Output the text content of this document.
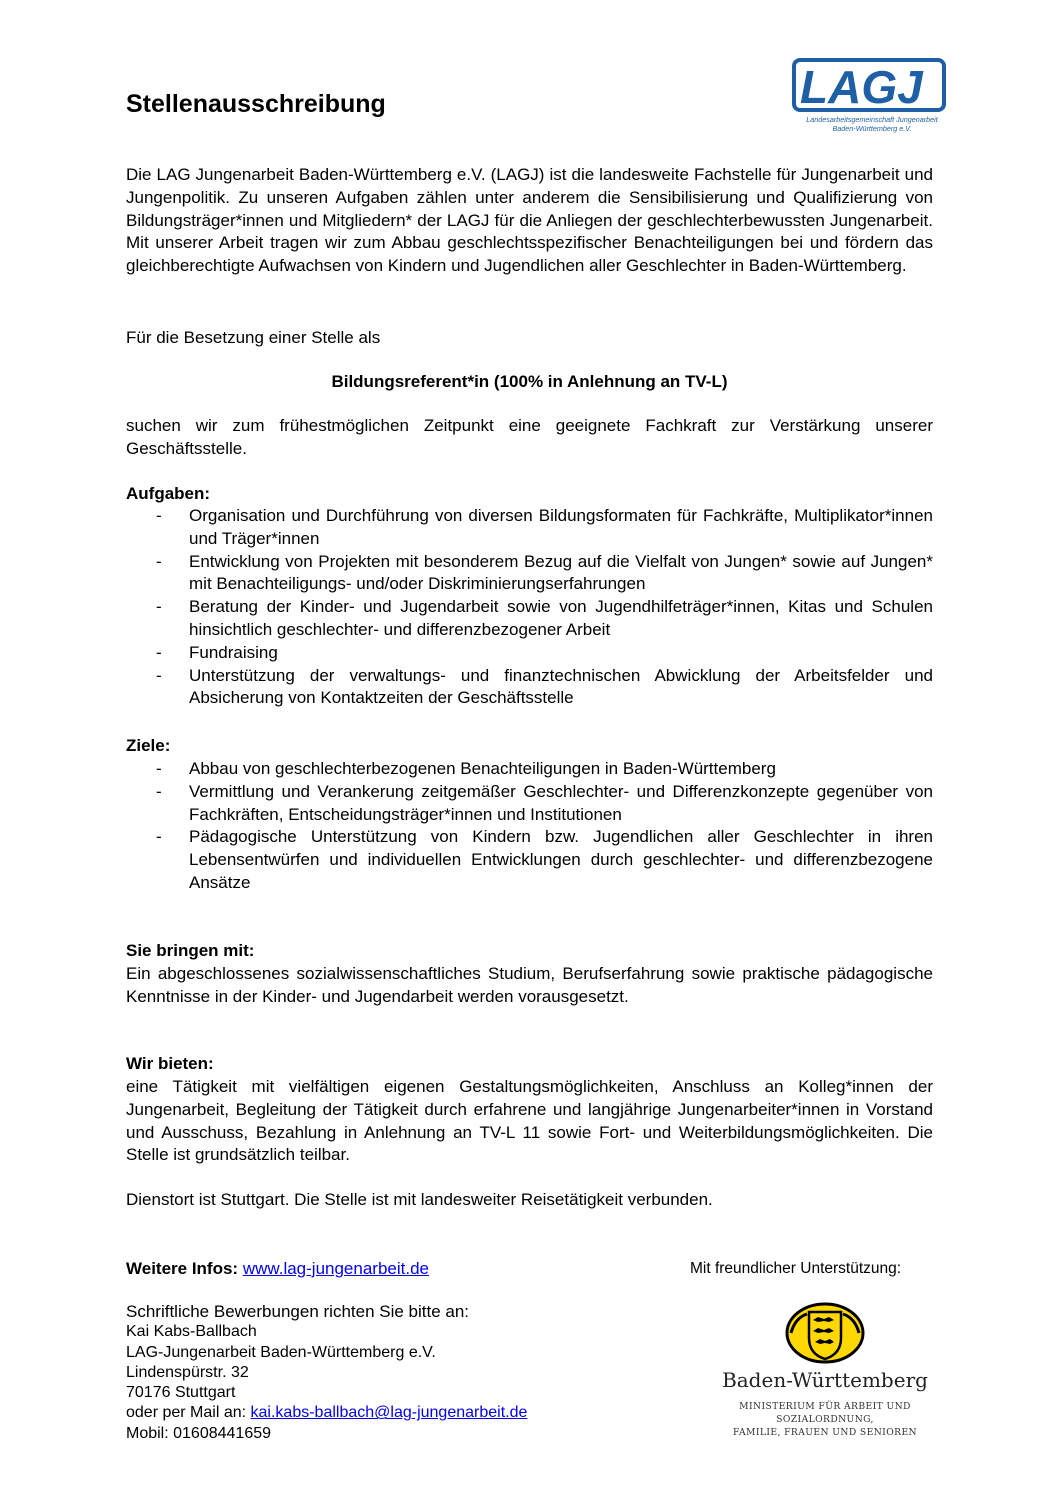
Stellenausschreibung	LAGJ
Landesarbeitsgemeinschaft Jungenarbeit
Baden-Württemberg e.V.

Die LAG Jungenarbeit Baden-Württemberg e.V. (LAGJ) ist die landesweite Fachstelle für Jungenarbeit und Jungenpolitik. Zu unseren Aufgaben zählen unter anderem die Sensibilisierung und Qualifizierung von Bildungsträger*innen und Mitgliedern* der LAGJ für die Anliegen der geschlechterbewussten Jungenarbeit. Mit unserer Arbeit tragen wir zum Abbau geschlechtsspezifischer Benachteiligungen bei und fördern das gleichberechtigte Aufwachsen von Kindern und Jugendlichen aller Geschlechter in Baden-Württemberg.

Für die Besetzung einer Stelle als

Bildungsreferent*in (100% in Anlehnung an TV-L)

suchen wir zum frühestmöglichen Zeitpunkt eine geeignete Fachkraft zur Verstärkung unserer Geschäftsstelle.

Aufgaben:

- Organisation und Durchführung von diversen Bildungsformaten für Fachkräfte, Multiplikator*innen und Träger*innen
- Entwicklung von Projekten mit besonderem Bezug auf die Vielfalt von Jungen* sowie auf Jungen* mit Benachteiligungs- und/oder Diskriminierungserfahrungen
- Beratung der Kinder- und Jugendarbeit sowie von Jugendhilfeträger*innen, Kitas und Schulen hinsichtlich geschlechter- und differenzbezogener Arbeit
- Fundraising
- Unterstützung der verwaltungs- und finanztechnischen Abwicklung der Arbeitsfelder und Absicherung von Kontaktzeiten der Geschäftsstelle

Ziele:

- Abbau von geschlechterbezogenen Benachteiligungen in Baden-Württemberg
- Vermittlung und Verankerung zeitgemäßer Geschlechter- und Differenzkonzepte gegenüber von Fachkräften, Entscheidungsträger*innen und Institutionen
- Pädagogische Unterstützung von Kindern bzw. Jugendlichen aller Geschlechter in ihren Lebensentwürfen und individuellen Entwicklungen durch geschlechter- und differenzbezogene Ansätze

Sie bringen mit:

Ein abgeschlossenes sozialwissenschaftliches Studium, Berufserfahrung sowie praktische pädagogische Kenntnisse in der Kinder- und Jugendarbeit werden vorausgesetzt.

Wir bieten:

eine Tätigkeit mit vielfältigen eigenen Gestaltungsmöglichkeiten, Anschluss an Kolleg*innen der Jungenarbeit, Begleitung der Tätigkeit durch erfahrene und langjährige Jungenarbeiter*innen in Vorstand und Ausschuss, Bezahlung in Anlehnung an TV-L 11 sowie Fort- und Weiterbildungsmöglichkeiten. Die Stelle ist grundsätzlich teilbar.

Dienstort ist Stuttgart. Die Stelle ist mit landesweiter Reisetätigkeit verbunden.

Weitere Infos: www.lag-jungenarbeit.de	Mit freundlicher Unterstützung:
Schriftliche Bewerbungen richten Sie bitte an:
Kai Kabs-Ballbach
LAG-Jungenarbeit Baden-Württemberg e.V.
Lindenspürstr. 32
70176 Stuttgart
oder per Mail an: kai.kabs-ballbach@lag-jungenarbeit.de
Mobil: 01608441659
Baden-Württemberg
MINISTERIUM FÜR ARBEIT UND SOZIALORDNUNG,
FAMILIE, FRAUEN UND SENIOREN
